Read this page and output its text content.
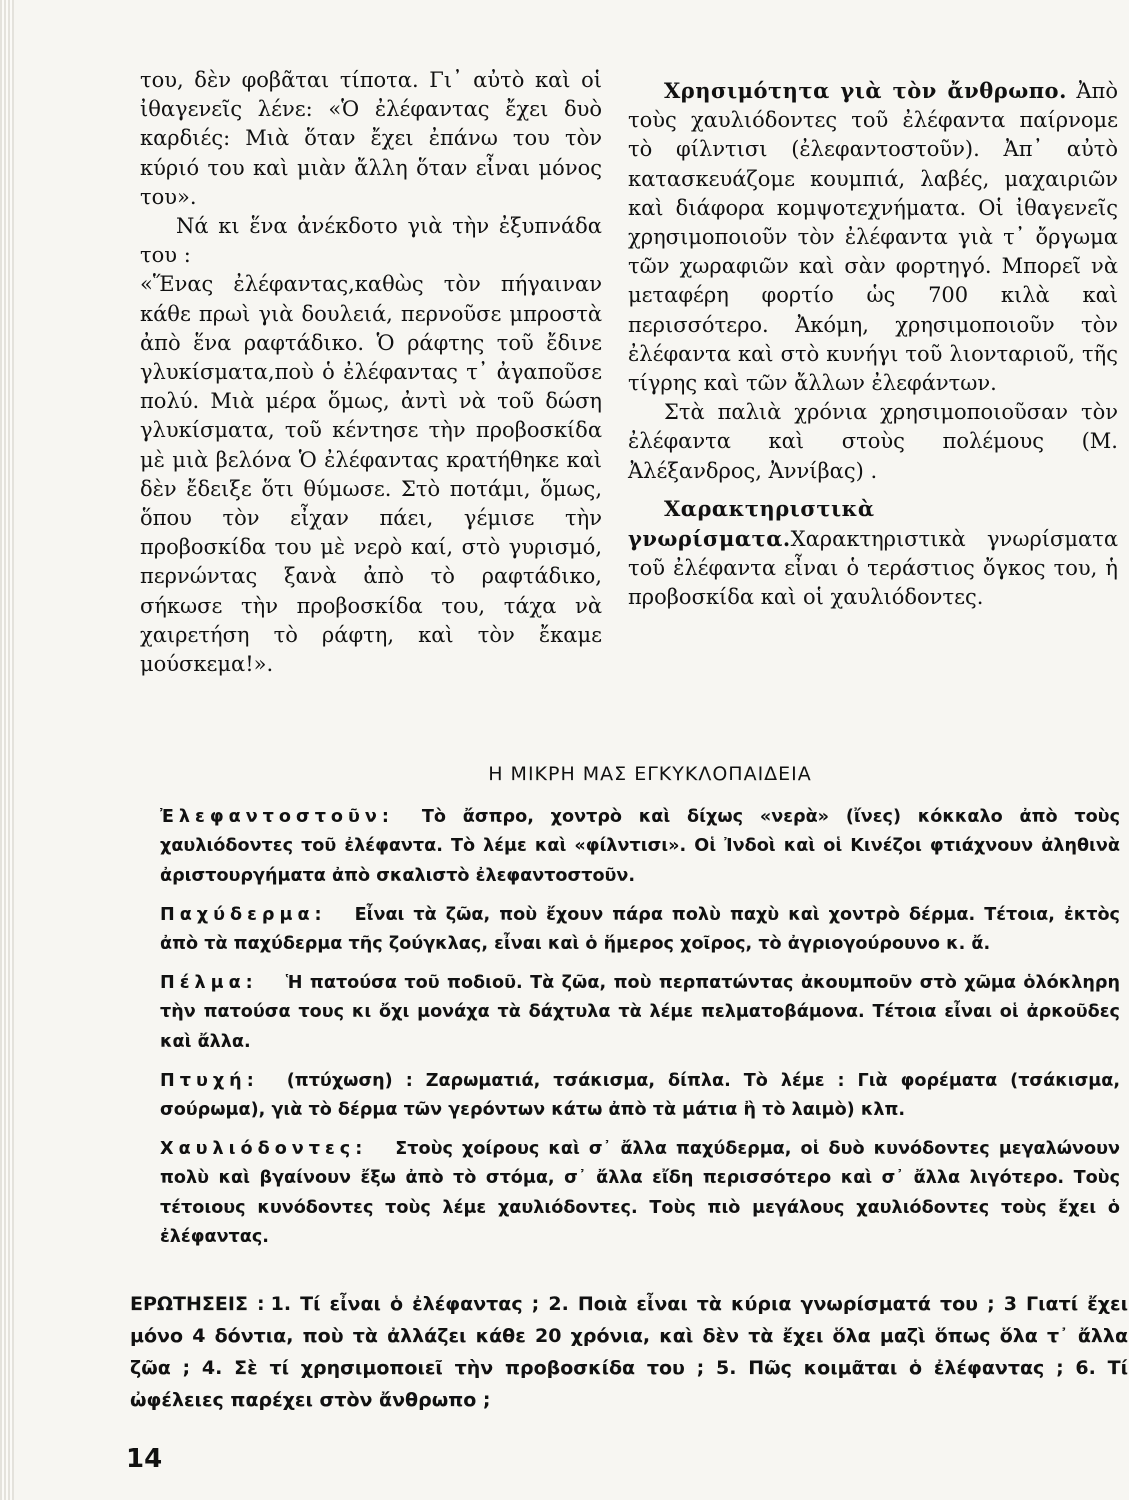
του, δὲν φοβᾶται τίποτα. Γι᾽ αὐτὸ καὶ οἱ ἰθαγενεῖς λένε: «Ὁ ἐλέφαντας ἔχει δυὸ καρδιές: Μιὰ ὅταν ἔχει ἐπάνω του τὸν κύριό του καὶ μιὰν ἄλλη ὅταν εἶναι μόνος του».

Νά κι ἕνα ἀνέκδοτο γιὰ τὴν ἐξυπνάδα του :

«Ἕνας ἐλέφαντας,καθὼς τὸν πήγαιναν κάθε πρωὶ γιὰ δουλειά, περνοῦσε μπροστὰ ἀπὸ ἕνα ραφτάδικο. Ὁ ράφτης τοῦ ἔδινε γλυκίσματα,ποὺ ὁ ἐλέφαντας τ᾽ ἀγαποῦσε πολύ. Μιὰ μέρα ὅμως, ἀντὶ νὰ τοῦ δώση γλυκίσματα, τοῦ κέντησε τὴν προβοσκίδα μὲ μιὰ βελόνα Ὁ ἐλέφαντας κρατήθηκε καὶ δὲν ἔδειξε ὅτι θύμωσε. Στὸ ποτάμι, ὅμως, ὅπου τὸν εἶχαν πάει, γέμισε τὴν προβοσκίδα του μὲ νερὸ καί, στὸ γυρισμό, περνώντας ξανὰ ἀπὸ τὸ ραφτάδικο, σήκωσε τὴν προβοσκίδα του, τάχα νὰ χαιρετήση τὸ ράφτη, καὶ τὸν ἔκαμε μούσκεμα!».

Χρησιμότητα γιὰ τὸν ἄνθρωπο. Ἀπὸ τοὺς χαυλιόδοντες τοῦ ἐλέφαντα παίρνομε τὸ φίλντισι (ἐλεφαντοστοῦν). Ἀπ᾽ αὐτὸ κατασκευάζομε κουμπιά, λαβές, μαχαιριῶν καὶ διάφορα κομψοτεχνήματα. Οἱ ἰθαγενεῖς χρησιμοποιοῦν τὸν ἐλέφαντα γιὰ τ᾽ ὄργωμα τῶν χωραφιῶν καὶ σὰν φορτηγό. Μπορεῖ νὰ μεταφέρη φορτίο ὡς 700 κιλὰ καὶ περισσότερο. Ἀκόμη, χρησιμοποιοῦν τὸν ἐλέφαντα καὶ στὸ κυνήγι τοῦ λιονταριοῦ, τῆς τίγρης καὶ τῶν ἄλλων ἐλεφάντων.

Στὰ παλιὰ χρόνια χρησιμοποιοῦσαν τὸν ἐλέφαντα καὶ στοὺς πολέμους (Μ. Ἀλέξανδρος, Ἀννίβας) .

Χαρακτηριστικὰ γνωρίσματα.Χαρακτηριστικὰ γνωρίσματα τοῦ ἐλέφαντα εἶναι ὁ τεράστιος ὄγκος του, ἡ προβοσκίδα καὶ οἱ χαυλιόδοντες.

Η ΜΙΚΡΗ ΜΑΣ ΕΓΚΥΚΛΟΠΑΙΔΕΙΑ

Ἐλεφαντοστοῦν: Τὸ ἄσπρο, χοντρὸ καὶ δίχως «νερὰ» (ἴνες) κόκκαλο ἀπὸ τοὺς χαυλιόδοντες τοῦ ἐλέφαντα. Τὸ λέμε καὶ «φίλντισι». Οἱ Ἰνδοὶ καὶ οἱ Κινέζοι φτιάχνουν ἀληθινὰ ἀριστουργήματα ἀπὸ σκαλιστὸ ἐλεφαντοστοῦν.

Παχύδερμα: Εἶναι τὰ ζῶα, ποὺ ἔχουν πάρα πολὺ παχὺ καὶ χοντρὸ δέρμα. Τέτοια, ἐκτὸς ἀπὸ τὰ παχύδερμα τῆς ζούγκλας, εἶναι καὶ ὁ ἥμερος χοῖρος, τὸ ἀγριογούρουνο κ. ἄ.

Πέλμα: Ἡ πατούσα τοῦ ποδιοῦ. Τὰ ζῶα, ποὺ περπατώντας ἀκουμποῦν στὸ χῶμα ὁλόκληρη τὴν πατούσα τους κι ὄχι μονάχα τὰ δάχτυλα τὰ λέμε πελματοβάμονα. Τέτοια εἶναι οἱ ἀρκοῦδες καὶ ἄλλα.

Πτυχή: (πτύχωση) : Ζαρωματιά, τσάκισμα, δίπλα. Τὸ λέμε : Γιὰ φορέματα (τσάκισμα, σούρωμα), γιὰ τὸ δέρμα τῶν γερόντων κάτω ἀπὸ τὰ μάτια ἢ τὸ λαιμὸ) κλπ.

Χαυλιόδοντες: Στοὺς χοίρους καὶ σ᾽ ἄλλα παχύδερμα, οἱ δυὸ κυνόδοντες μεγαλώνουν πολὺ καὶ βγαίνουν ἔξω ἀπὸ τὸ στόμα, σ᾽ ἄλλα εἴδη περισσότερο καὶ σ᾽ ἄλλα λιγότερο. Τοὺς τέτοιους κυνόδοντες τοὺς λέμε χαυλιόδοντες. Τοὺς πιὸ μεγάλους χαυλιόδοντες τοὺς ἔχει ὁ ἐλέφαντας.

ΕΡΩΤΗΣΕΙΣ : 1. Τί εἶναι ὁ ἐλέφαντας ; 2. Ποιὰ εἶναι τὰ κύρια γνωρίσματά του ; 3 Γιατί ἔχει μόνο 4 δόντια, ποὺ τὰ ἀλλάζει κάθε 20 χρόνια, καὶ δὲν τὰ ἔχει ὅλα μαζὶ ὅπως ὅλα τ᾽ ἄλλα ζῶα ; 4. Σὲ τί χρησιμοποιεῖ τὴν προβοσκίδα του ; 5. Πῶς κοιμᾶται ὁ ἐλέφαντας ; 6. Τί ὠφέλειες παρέχει στὸν ἄνθρωπο ;
14
